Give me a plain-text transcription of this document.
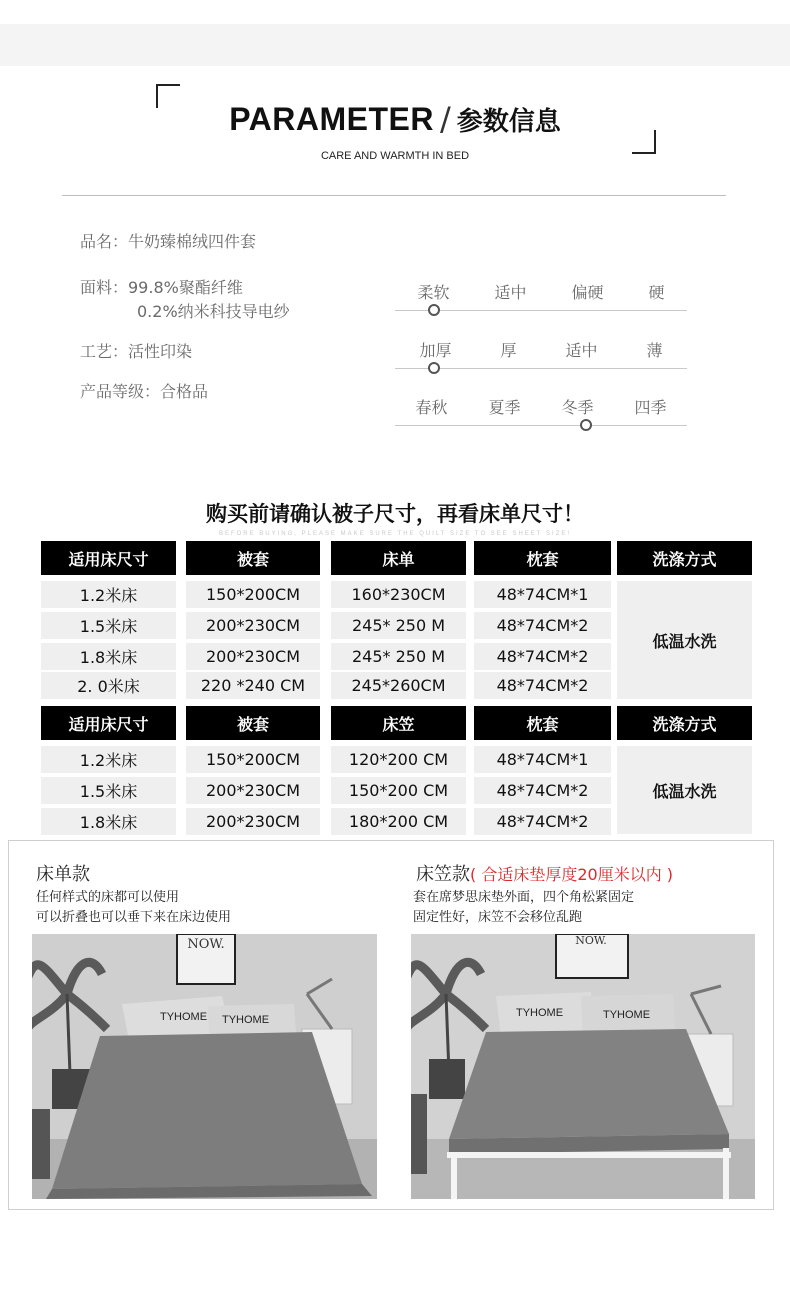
PARAMETER / 参数信息
CARE AND WARMTH IN BED
品名：牛奶臻棉绒四件套
面料：99.8%聚酯纤维
0.2%纳米科技导电纱
工艺：活性印染
产品等级：合格品
柔软	适中	偏硬	硬
加厚	厚	适中	薄
春秋	夏季	冬季	四季
购买前请确认被子尺寸，再看床单尺寸！
BEFORE BUYING, PLEASE MAKE SURE THE QUILT SIZE TO SEE SHEET SIZE!
适用床尺寸	被套	床单	枕套	洗涤方式
1.2米床	150*200CM	160*230CM	48*74CM*1
1.5米床	200*230CM	245* 250 M	48*74CM*2
1.8米床	200*230CM	245* 250 M	48*74CM*2
2. 0米床	220 *240 CM	245*260CM	48*74CM*2
低温水洗
适用床尺寸	被套	床笠	枕套	洗涤方式
1.2米床	150*200CM	120*200 CM	48*74CM*1
1.5米床	200*230CM	150*200 CM	48*74CM*2
1.8米床	200*230CM	180*200 CM	48*74CM*2
低温水洗
床单款
任何样式的床都可以使用
可以折叠也可以垂下来在床边使用
床笠款( 合适床垫厚度20厘米以内 )
套在席梦思床垫外面，四个角松紧固定
固定性好，床笠不会移位乱跑
NOW.
TYHOME TYHOME
NOW.
TYHOME	TYHOME
